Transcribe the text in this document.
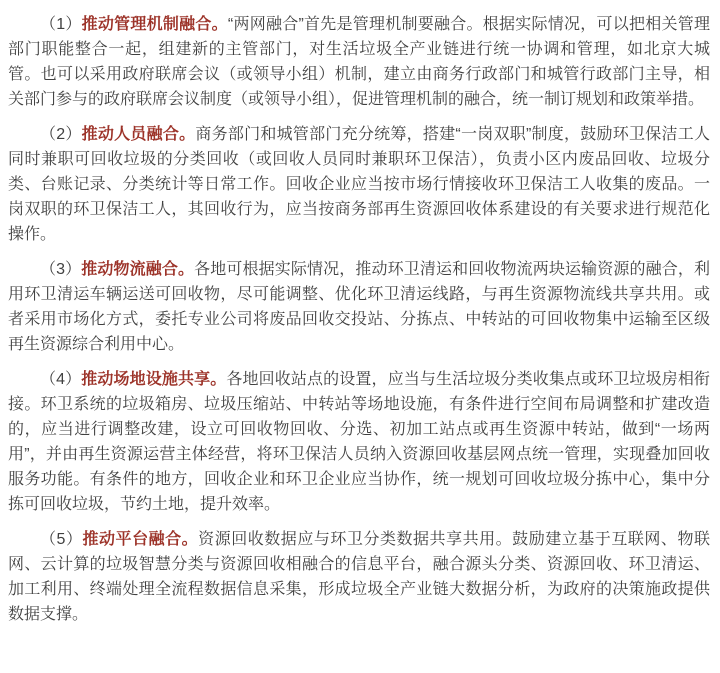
（1）推动管理机制融合。“两网融合”首先是管理机制要融合。根据实际情况，可以把相关管理部门职能整合一起，组建新的主管部门，对生活垃圾全产业链进行统一协调和管理，如北京大城管。也可以采用政府联席会议（或领导小组）机制，建立由商务行政部门和城管行政部门主导，相关部门参与的政府联席会议制度（或领导小组），促进管理机制的融合，统一制订规划和政策举措。

（2）推动人员融合。商务部门和城管部门充分统筹，搭建“一岗双职”制度，鼓励环卫保洁工人同时兼职可回收垃圾的分类回收（或回收人员同时兼职环卫保洁），负责小区内废品回收、垃圾分类、台账记录、分类统计等日常工作。回收企业应当按市场行情接收环卫保洁工人收集的废品。一岗双职的环卫保洁工人，其回收行为，应当按商务部再生资源回收体系建设的有关要求进行规范化操作。

（3）推动物流融合。各地可根据实际情况，推动环卫清运和回收物流两块运输资源的融合，利用环卫清运车辆运送可回收物，尽可能调整、优化环卫清运线路，与再生资源物流线共享共用。或者采用市场化方式，委托专业公司将废品回收交投站、分拣点、中转站的可回收物集中运输至区级再生资源综合利用中心。

（4）推动场地设施共享。各地回收站点的设置，应当与生活垃圾分类收集点或环卫垃圾房相衔接。环卫系统的垃圾箱房、垃圾压缩站、中转站等场地设施，有条件进行空间布局调整和扩建改造的，应当进行调整改建，设立可回收物回收、分选、初加工站点或再生资源中转站，做到“一场两用”，并由再生资源运营主体经营，将环卫保洁人员纳入资源回收基层网点统一管理，实现叠加回收服务功能。有条件的地方，回收企业和环卫企业应当协作，统一规划可回收垃圾分拣中心，集中分拣可回收垃圾，节约土地，提升效率。

（5）推动平台融合。资源回收数据应与环卫分类数据共享共用。鼓励建立基于互联网、物联网、云计算的垃圾智慧分类与资源回收相融合的信息平台，融合源头分类、资源回收、环卫清运、加工利用、终端处理全流程数据信息采集，形成垃圾全产业链大数据分析，为政府的决策施政提供数据支撑。
